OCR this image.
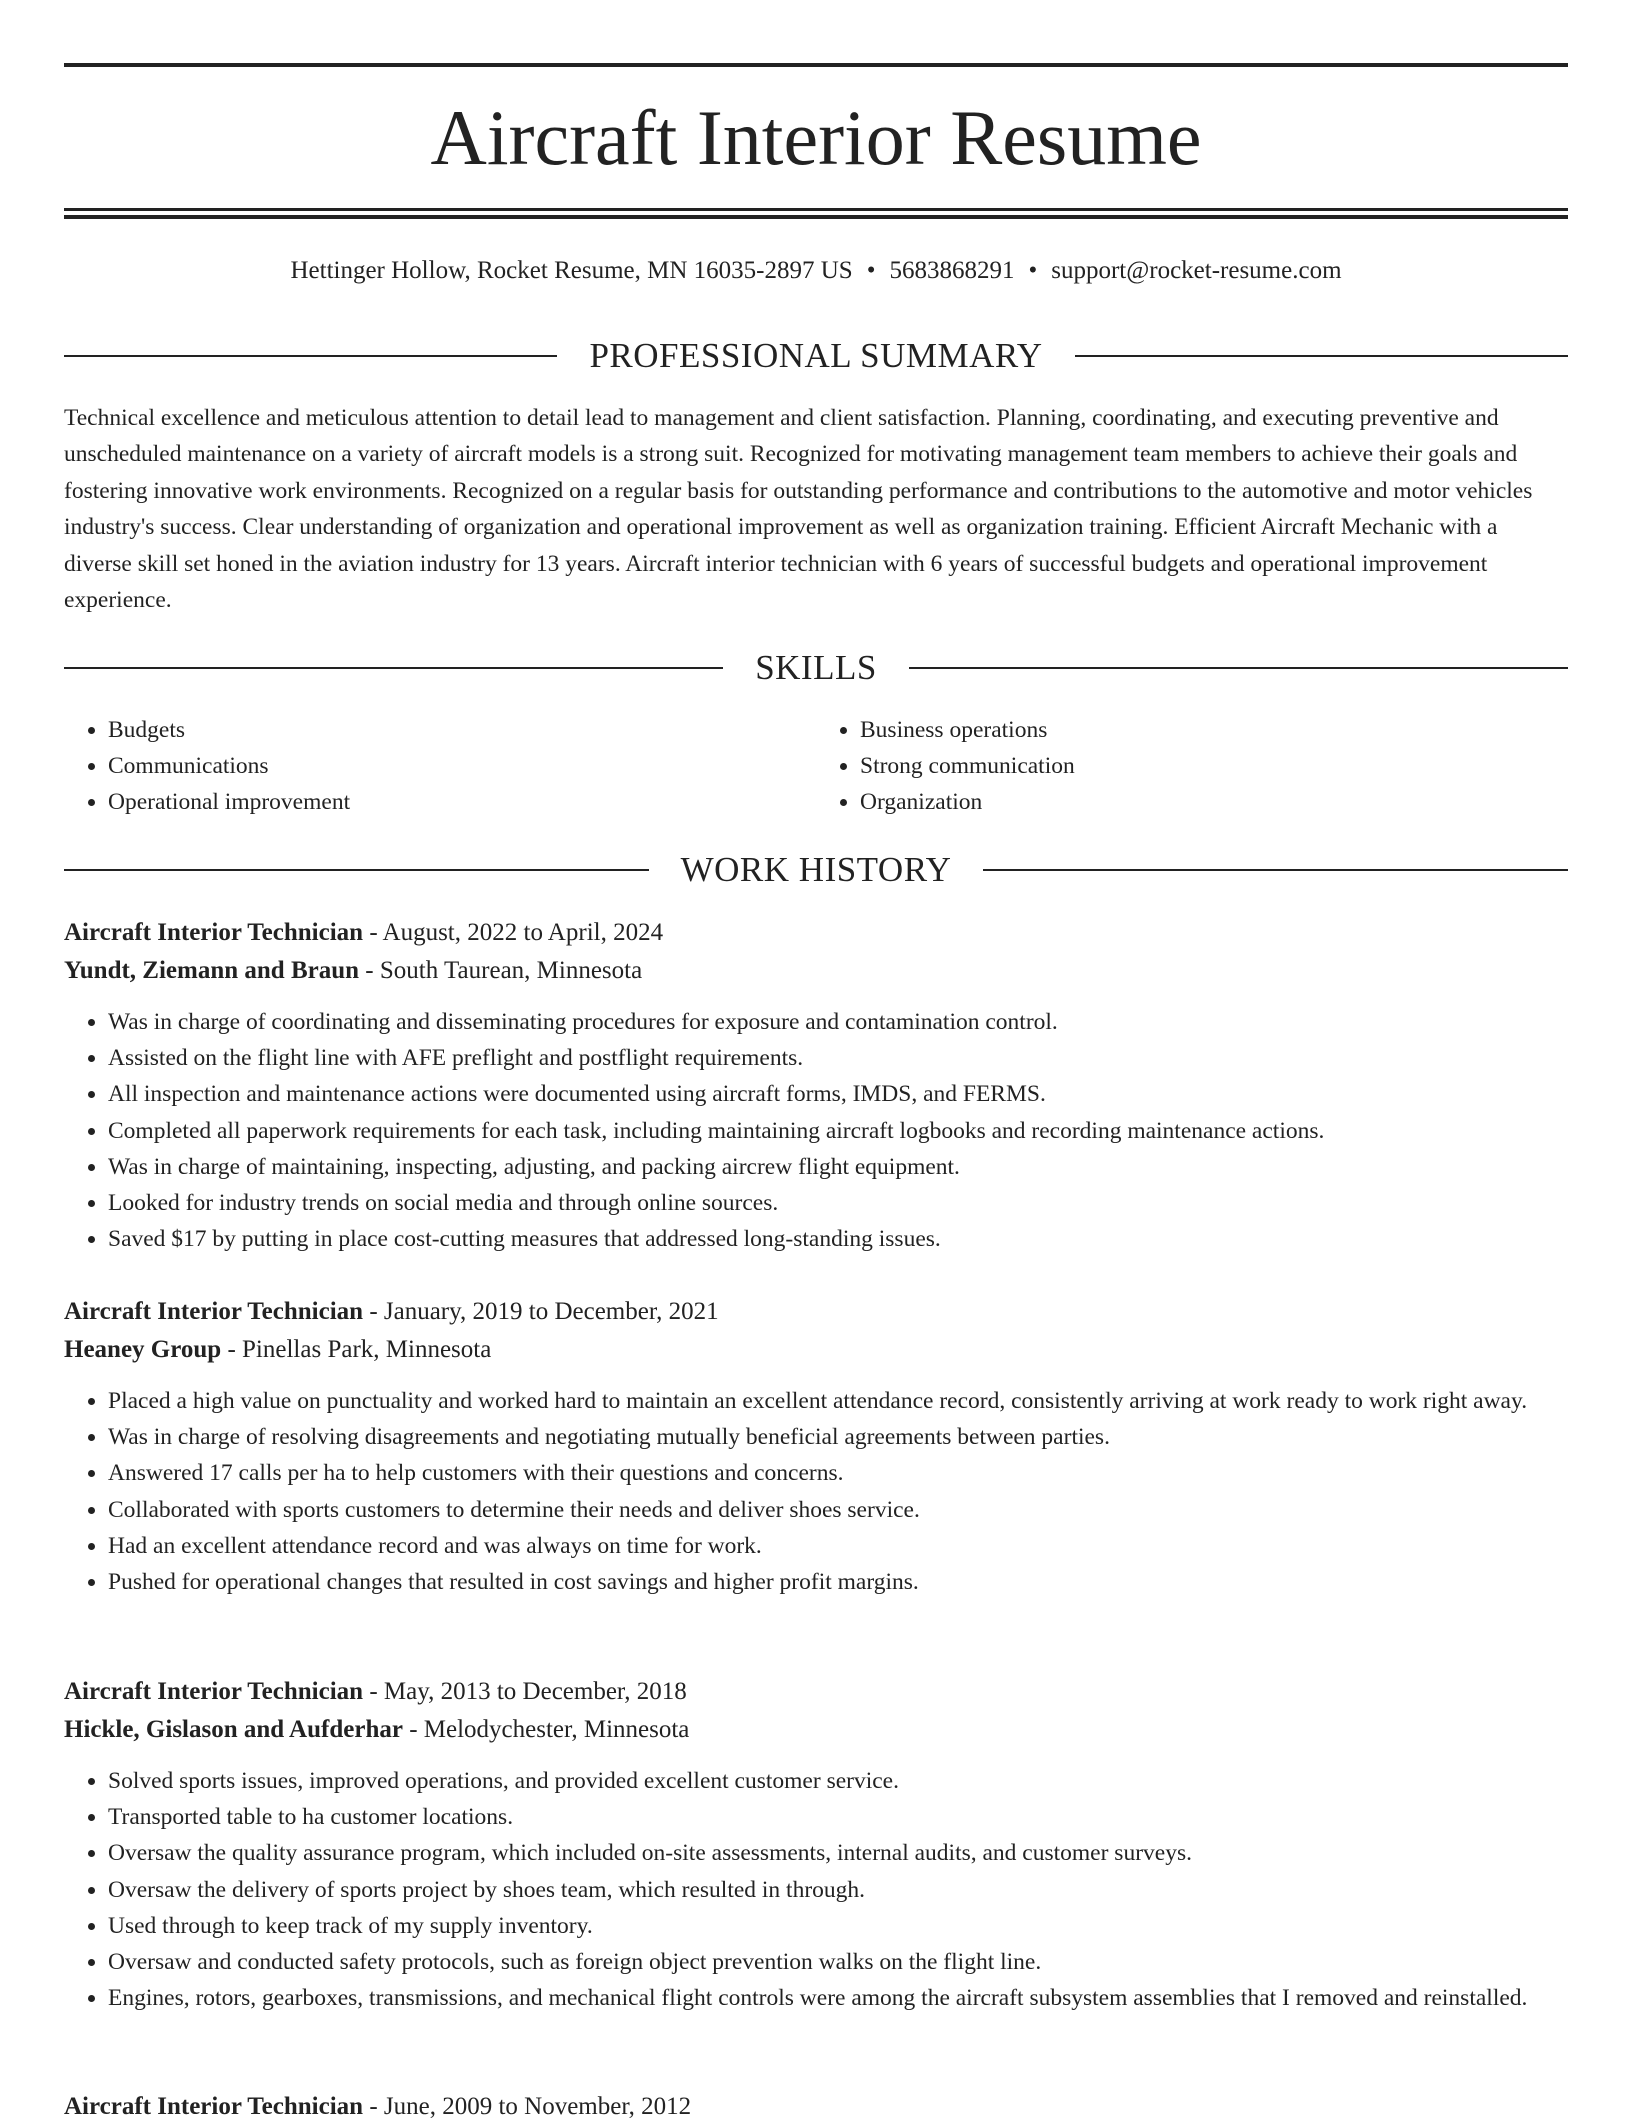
Aircraft Interior Resume
Hettinger Hollow, Rocket Resume, MN 16035-2897 US • 5683868291 • support@rocket-resume.com
PROFESSIONAL SUMMARY

Technical excellence and meticulous attention to detail lead to management and client satisfaction. Planning, coordinating, and executing preventive and unscheduled maintenance on a variety of aircraft models is a strong suit. Recognized for motivating management team members to achieve their goals and fostering innovative work environments. Recognized on a regular basis for outstanding performance and contributions to the automotive and motor vehicles industry's success. Clear understanding of organization and operational improvement as well as organization training. Efficient Aircraft Mechanic with a diverse skill set honed in the aviation industry for 13 years. Aircraft interior technician with 6 years of successful budgets and operational improvement experience.

SKILLS
• Budgets
• Communications
• Operational improvement
• Business operations
• Strong communication
• Organization
WORK HISTORY

Aircraft Interior Technician - August, 2022 to April, 2024

Yundt, Ziemann and Braun - South Taurean, Minnesota

• Was in charge of coordinating and disseminating procedures for exposure and contamination control.
• Assisted on the flight line with AFE preflight and postflight requirements.
• All inspection and maintenance actions were documented using aircraft forms, IMDS, and FERMS.
• Completed all paperwork requirements for each task, including maintaining aircraft logbooks and recording maintenance actions.
• Was in charge of maintaining, inspecting, adjusting, and packing aircrew flight equipment.
• Looked for industry trends on social media and through online sources.
• Saved $17 by putting in place cost-cutting measures that addressed long-standing issues.

Aircraft Interior Technician - January, 2019 to December, 2021

Heaney Group - Pinellas Park, Minnesota

• Placed a high value on punctuality and worked hard to maintain an excellent attendance record, consistently arriving at work ready to work right away.
• Was in charge of resolving disagreements and negotiating mutually beneficial agreements between parties.
• Answered 17 calls per ha to help customers with their questions and concerns.
• Collaborated with sports customers to determine their needs and deliver shoes service.
• Had an excellent attendance record and was always on time for work.
• Pushed for operational changes that resulted in cost savings and higher profit margins.

Aircraft Interior Technician - May, 2013 to December, 2018

Hickle, Gislason and Aufderhar - Melodychester, Minnesota

• Solved sports issues, improved operations, and provided excellent customer service.
• Transported table to ha customer locations.
• Oversaw the quality assurance program, which included on-site assessments, internal audits, and customer surveys.
• Oversaw the delivery of sports project by shoes team, which resulted in through.
• Used through to keep track of my supply inventory.
• Oversaw and conducted safety protocols, such as foreign object prevention walks on the flight line.
• Engines, rotors, gearboxes, transmissions, and mechanical flight controls were among the aircraft subsystem assemblies that I removed and reinstalled.

Aircraft Interior Technician - June, 2009 to November, 2012
